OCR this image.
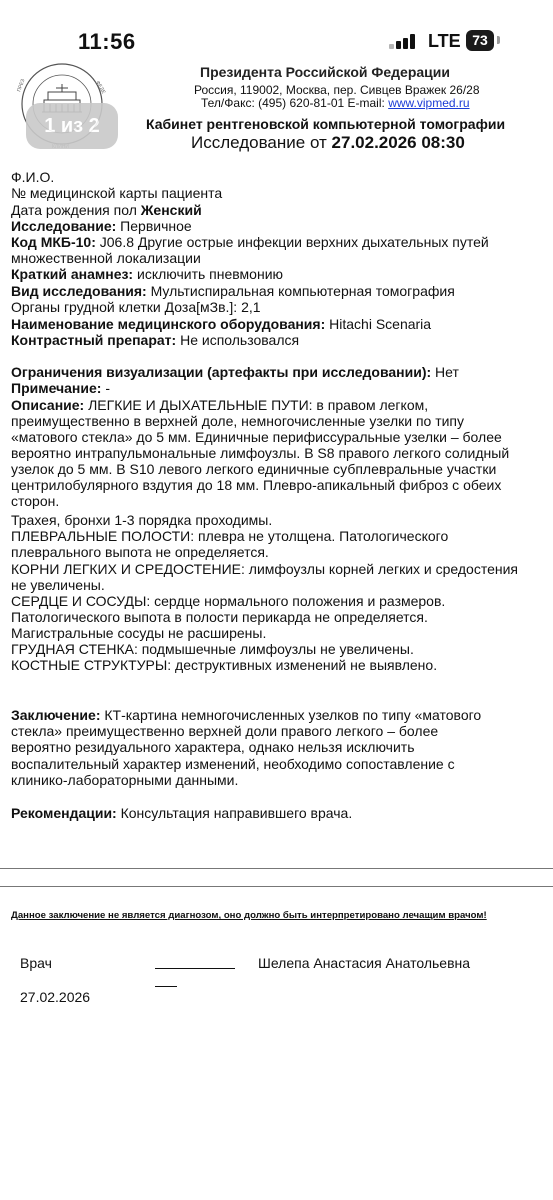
11:56	LTE 73
Президента Российской Федерации
ПРЕЗ	ФЕДЕ
1 из 2
Россия, 119002, Москва, пер. Сивцев Вражек 26/28
Тел/Факс: (495) 620-81-01 E-mail: www.vipmed.ru
Кабинет рентгеновской компьютерной томографии
Исследование от 27.02.2026 08:30
Ф.И.О.
№ медицинской карты пациента
Дата рождения пол Женский
Исследование: Первичное
Код МКБ-10: J06.8 Другие острые инфекции верхних дыхательных путей
множественной локализации
Краткий анамнез: исключить пневмонию
Вид исследования: Мультиспиральная компьютерная томография
Органы грудной клетки Доза[мЗв.]: 2,1
Наименование медицинского оборудования: Hitachi Scenaria
Контрастный препарат: Не использовался
Ограничения визуализации (артефакты при исследовании): Нет
Примечание: -
Описание: ЛЕГКИЕ И ДЫХАТЕЛЬНЫЕ ПУТИ: в правом легком,
преимущественно в верхней доле, немногочисленные узелки по типу
«матового стекла» до 5 мм. Единичные перифиссуральные узелки – более
вероятно интрапульмональные лимфоузлы. В S8 правого легкого солидный
узелок до 5 мм. В S10 левого легкого единичные субплевральные участки
центрилобулярного вздутия до 18 мм. Плевро-апикальный фиброз с обеих
сторон.
Трахея, бронхи 1-3 порядка проходимы.
ПЛЕВРАЛЬНЫЕ ПОЛОСТИ: плевра не утолщена. Патологического
плеврального выпота не определяется.
КОРНИ ЛЕГКИХ И СРЕДОСТЕНИЕ: лимфоузлы корней легких и средостения
не увеличены.
СЕРДЦЕ И СОСУДЫ: сердце нормального положения и размеров.
Патологического выпота в полости перикарда не определяется.
Магистральные сосуды не расширены.
ГРУДНАЯ СТЕНКА: подмышечные лимфоузлы не увеличены.
КОСТНЫЕ СТРУКТУРЫ: деструктивных изменений не выявлено.
Заключение: КТ-картина немногочисленных узелков по типу «матового
стекла» преимущественно верхней доли правого легкого – более
вероятно резидуального характера, однако нельзя исключить
воспалительный характер изменений, необходимо сопоставление с
клинико-лабораторными данными.
Рекомендации: Консультация направившего врача.
Данное заключение не является диагнозом, оно должно быть интерпретировано лечащим врачом!
Врач	Шелепа Анастасия Анатольевна
27.02.2026
